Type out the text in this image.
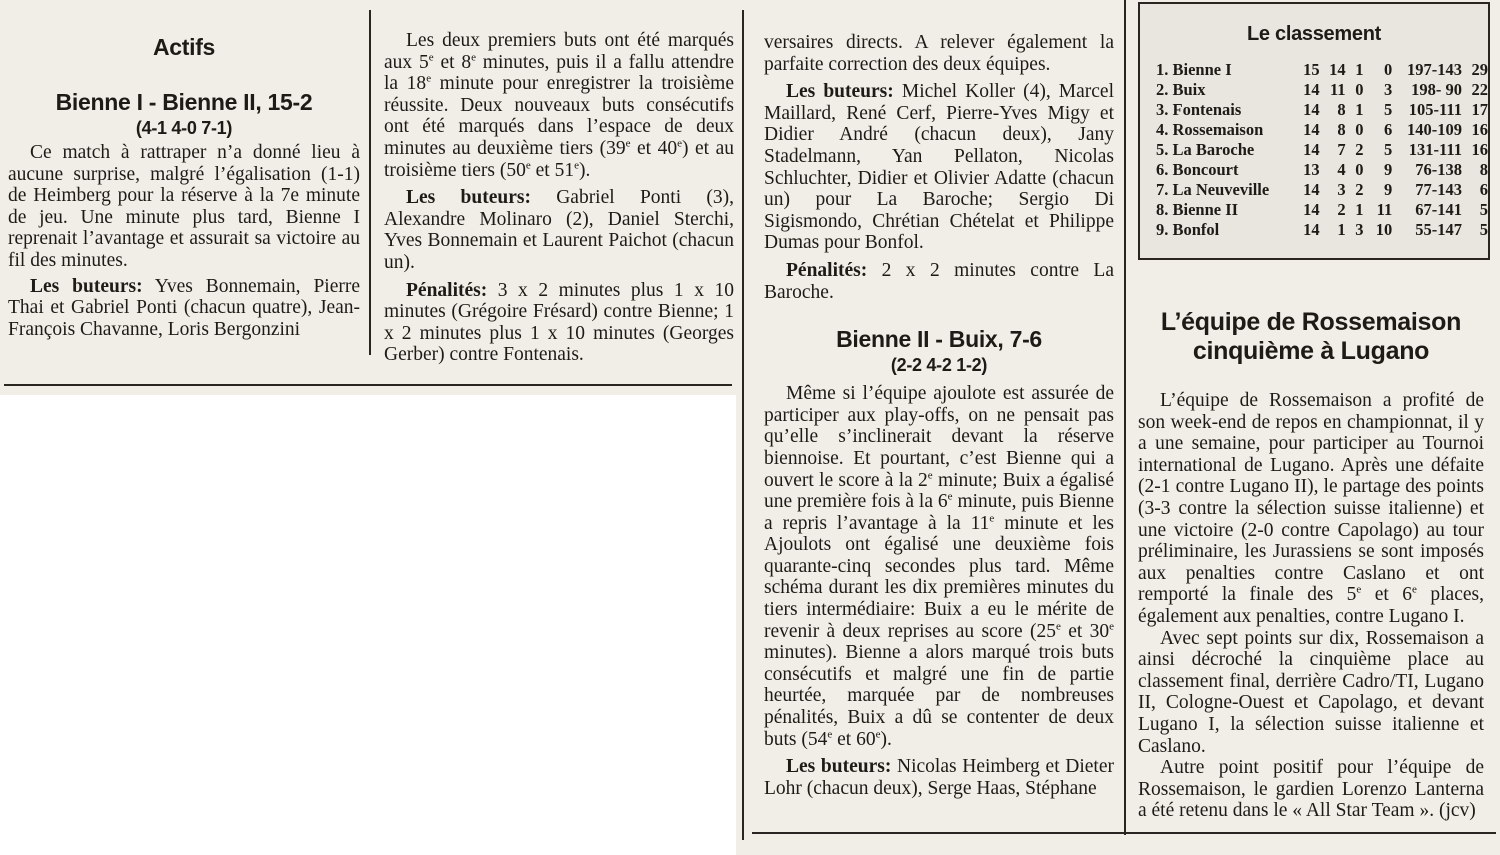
Actifs
Bienne I - Bienne II, 15-2
(4-1 4-0 7-1)

Ce match à rattraper n’a donné lieu à aucune surprise, malgré l’égalisation (1-1) de Heimberg pour la réserve à la 7e minute de jeu. Une minute plus tard, Bienne I reprenait l’avantage et assurait sa victoire au fil des minutes.

Les buteurs: Yves Bonnemain, Pierre Thai et Gabriel Ponti (chacun quatre), Jean-François Chavanne, Loris Bergonzini

Les deux premiers buts ont été marqués aux 5e et 8e minutes, puis il a fallu attendre la 18e minute pour enregistrer la troisième réussite. Deux nouveaux buts consécutifs ont été marqués dans l’espace de deux minutes au deuxième tiers (39e et 40e) et au troisième tiers (50e et 51e).

Les buteurs: Gabriel Ponti (3), Alexandre Molinaro (2), Daniel Sterchi, Yves Bonnemain et Laurent Paichot (chacun un).

Pénalités: 3 x 2 minutes plus 1 x 10 minutes (Grégoire Frésard) contre Bienne; 1 x 2 minutes plus 1 x 10 minutes (Georges Gerber) contre Fontenais.

versaires directs. A relever également la parfaite correction des deux équipes.

Les buteurs: Michel Koller (4), Marcel Maillard, René Cerf, Pierre-Yves Migy et Didier André (chacun deux), Jany Stadelmann, Yan Pellaton, Nicolas Schluchter, Didier et Olivier Adatte (chacun un) pour La Baroche; Sergio Di Sigismondo, Chrétian Chételat et Philippe Dumas pour Bonfol.

Pénalités: 2 x 2 minutes contre La Baroche.

Bienne II - Buix, 7-6
(2-2 4-2 1-2)

Même si l’équipe ajoulote est assurée de participer aux play-offs, on ne pensait pas qu’elle s’inclinerait devant la réserve biennoise. Et pourtant, c’est Bienne qui a ouvert le score à la 2e minute; Buix a égalisé une première fois à la 6e minute, puis Bienne a repris l’avantage à la 11e minute et les Ajoulots ont égalisé une deuxième fois quarante-cinq secondes plus tard. Même schéma durant les dix premières minutes du tiers intermédiaire: Buix a eu le mérite de revenir à deux reprises au score (25e et 30e minutes). Bienne a alors marqué trois buts consécutifs et malgré une fin de partie heurtée, marquée par de nombreuses pénalités, Buix a dû se contenter de deux buts (54e et 60e).

Les buteurs: Nicolas Heimberg et Dieter Lohr (chacun deux), Serge Haas, Stéphane

Le classement
1. Bienne I	15	14	1	0	197-143	29
2. Buix	14	11	0	3	198- 90	22
3. Fontenais	14	8	1	5	105-111	17
4. Rossemaison	14	8	0	6	140-109	16
5. La Baroche	14	7	2	5	131-111	16
6. Boncourt	13	4	0	9	76-138	8
7. La Neuveville	14	3	2	9	77-143	6
8. Bienne II	14	2	1	11	67-141	5
9. Bonfol	14	1	3	10	55-147	5
L’équipe de Rossemaison cinquième à Lugano

L’équipe de Rossemaison a profité de son week-end de repos en championnat, il y a une semaine, pour participer au Tournoi international de Lugano. Après une défaite (2-1 contre Lugano II), le partage des points (3-3 contre la sélection suisse italienne) et une victoire (2-0 contre Capolago) au tour préliminaire, les Jurassiens se sont imposés aux penalties contre Caslano et ont remporté la finale des 5e et 6e places, également aux penalties, contre Lugano I.

Avec sept points sur dix, Rossemaison a ainsi décroché la cinquième place au classement final, derrière Cadro/TI, Lugano II, Cologne-Ouest et Capolago, et devant Lugano I, la sélection suisse italienne et Caslano.

Autre point positif pour l’équipe de Rossemaison, le gardien Lorenzo Lanterna a été retenu dans le « All Star Team ». (jcv)
